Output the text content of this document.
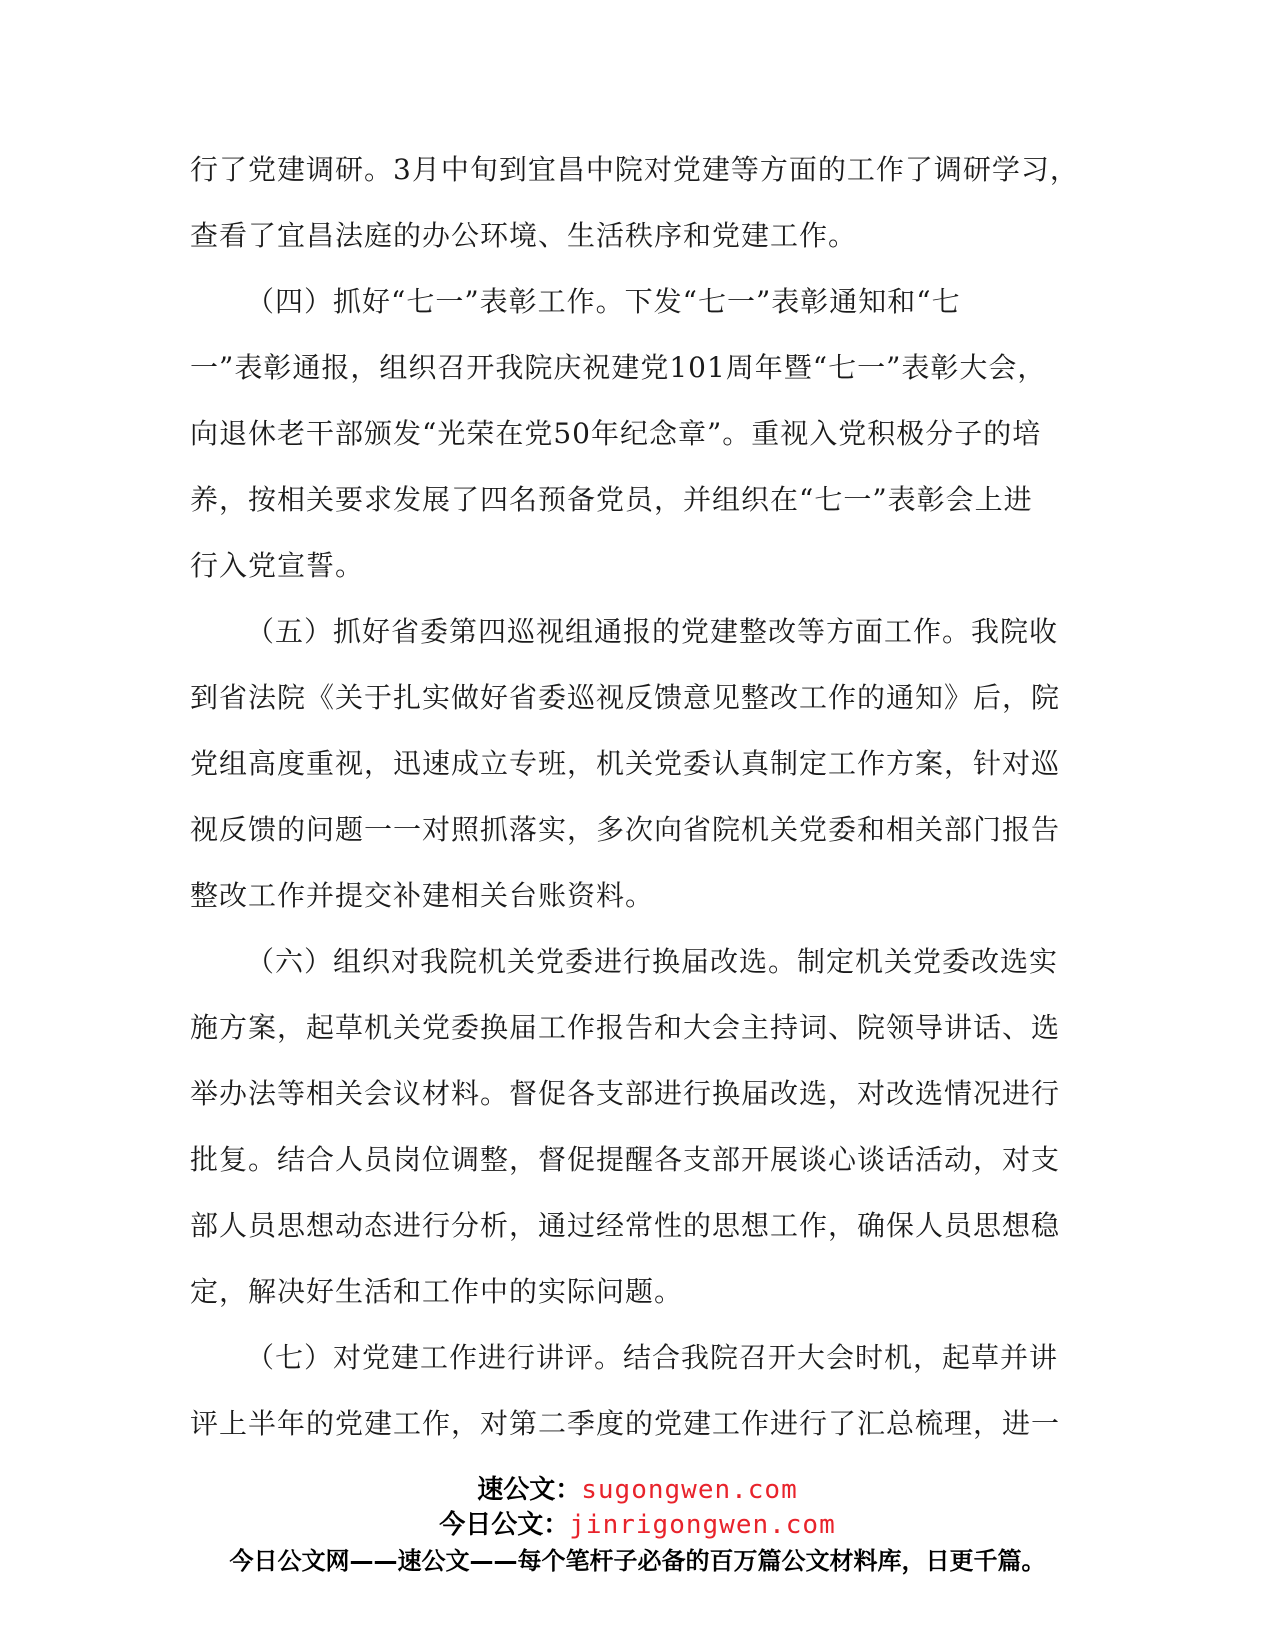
行了党建调研。3月中旬到宜昌中院对党建等方面的工作了调研学习，
查看了宜昌法庭的办公环境、生活秩序和党建工作。
（四）抓好“七一”表彰工作。下发“七一”表彰通知和“七
一”表彰通报，组织召开我院庆祝建党101周年暨“七一”表彰大会，
向退休老干部颁发“光荣在党50年纪念章”。重视入党积极分子的培
养，按相关要求发展了四名预备党员，并组织在“七一”表彰会上进
行入党宣誓。
（五）抓好省委第四巡视组通报的党建整改等方面工作。我院收
到省法院《关于扎实做好省委巡视反馈意见整改工作的通知》后，院
党组高度重视，迅速成立专班，机关党委认真制定工作方案，针对巡
视反馈的问题一一对照抓落实，多次向省院机关党委和相关部门报告
整改工作并提交补建相关台账资料。
（六）组织对我院机关党委进行换届改选。制定机关党委改选实
施方案，起草机关党委换届工作报告和大会主持词、院领导讲话、选
举办法等相关会议材料。督促各支部进行换届改选，对改选情况进行
批复。结合人员岗位调整，督促提醒各支部开展谈心谈话活动，对支
部人员思想动态进行分析，通过经常性的思想工作，确保人员思想稳
定，解决好生活和工作中的实际问题。
（七）对党建工作进行讲评。结合我院召开大会时机，起草并讲
评上半年的党建工作，对第二季度的党建工作进行了汇总梳理，进一
速公文：sugongwen.com
今日公文：jinrigongwen.com
今日公文网——速公文——每个笔杆子必备的百万篇公文材料库，日更千篇。
